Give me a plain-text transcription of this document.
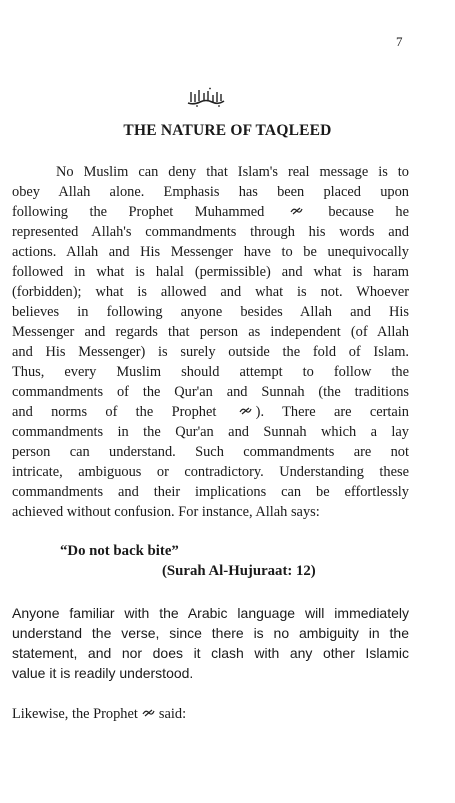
7
THE NATURE OF TAQLEED
No Muslim can deny that Islam's real message is to
obey Allah alone. Emphasis has been placed upon
following the Prophet Muhammed	because he
represented Allah's commandments through his words and
actions. Allah and His Messenger have to be unequivocally
followed in what is halal (permissible) and what is haram
(forbidden); what is allowed and what is not. Whoever
believes in following anyone besides Allah and His
Messenger and regards that person as independent (of Allah
and His Messenger) is surely outside the fold of Islam.
Thus, every Muslim should attempt to follow the
commandments of the Qur'an and Sunnah (the traditions
and norms of the Prophet	). There are certain
commandments in the Qur'an and Sunnah which a lay
person can understand. Such commandments are not
intricate, ambiguous or contradictory. Understanding these
commandments and their implications can be effortlessly
achieved without confusion. For instance, Allah says:
“Do not back bite”
(Surah Al-Hujuraat: 12)
Anyone familiar with the Arabic language will immediately
understand the verse, since there is no ambiguity in the
statement, and nor does it clash with any other Islamic
value it is readily understood.
Likewise, the Prophet said:
